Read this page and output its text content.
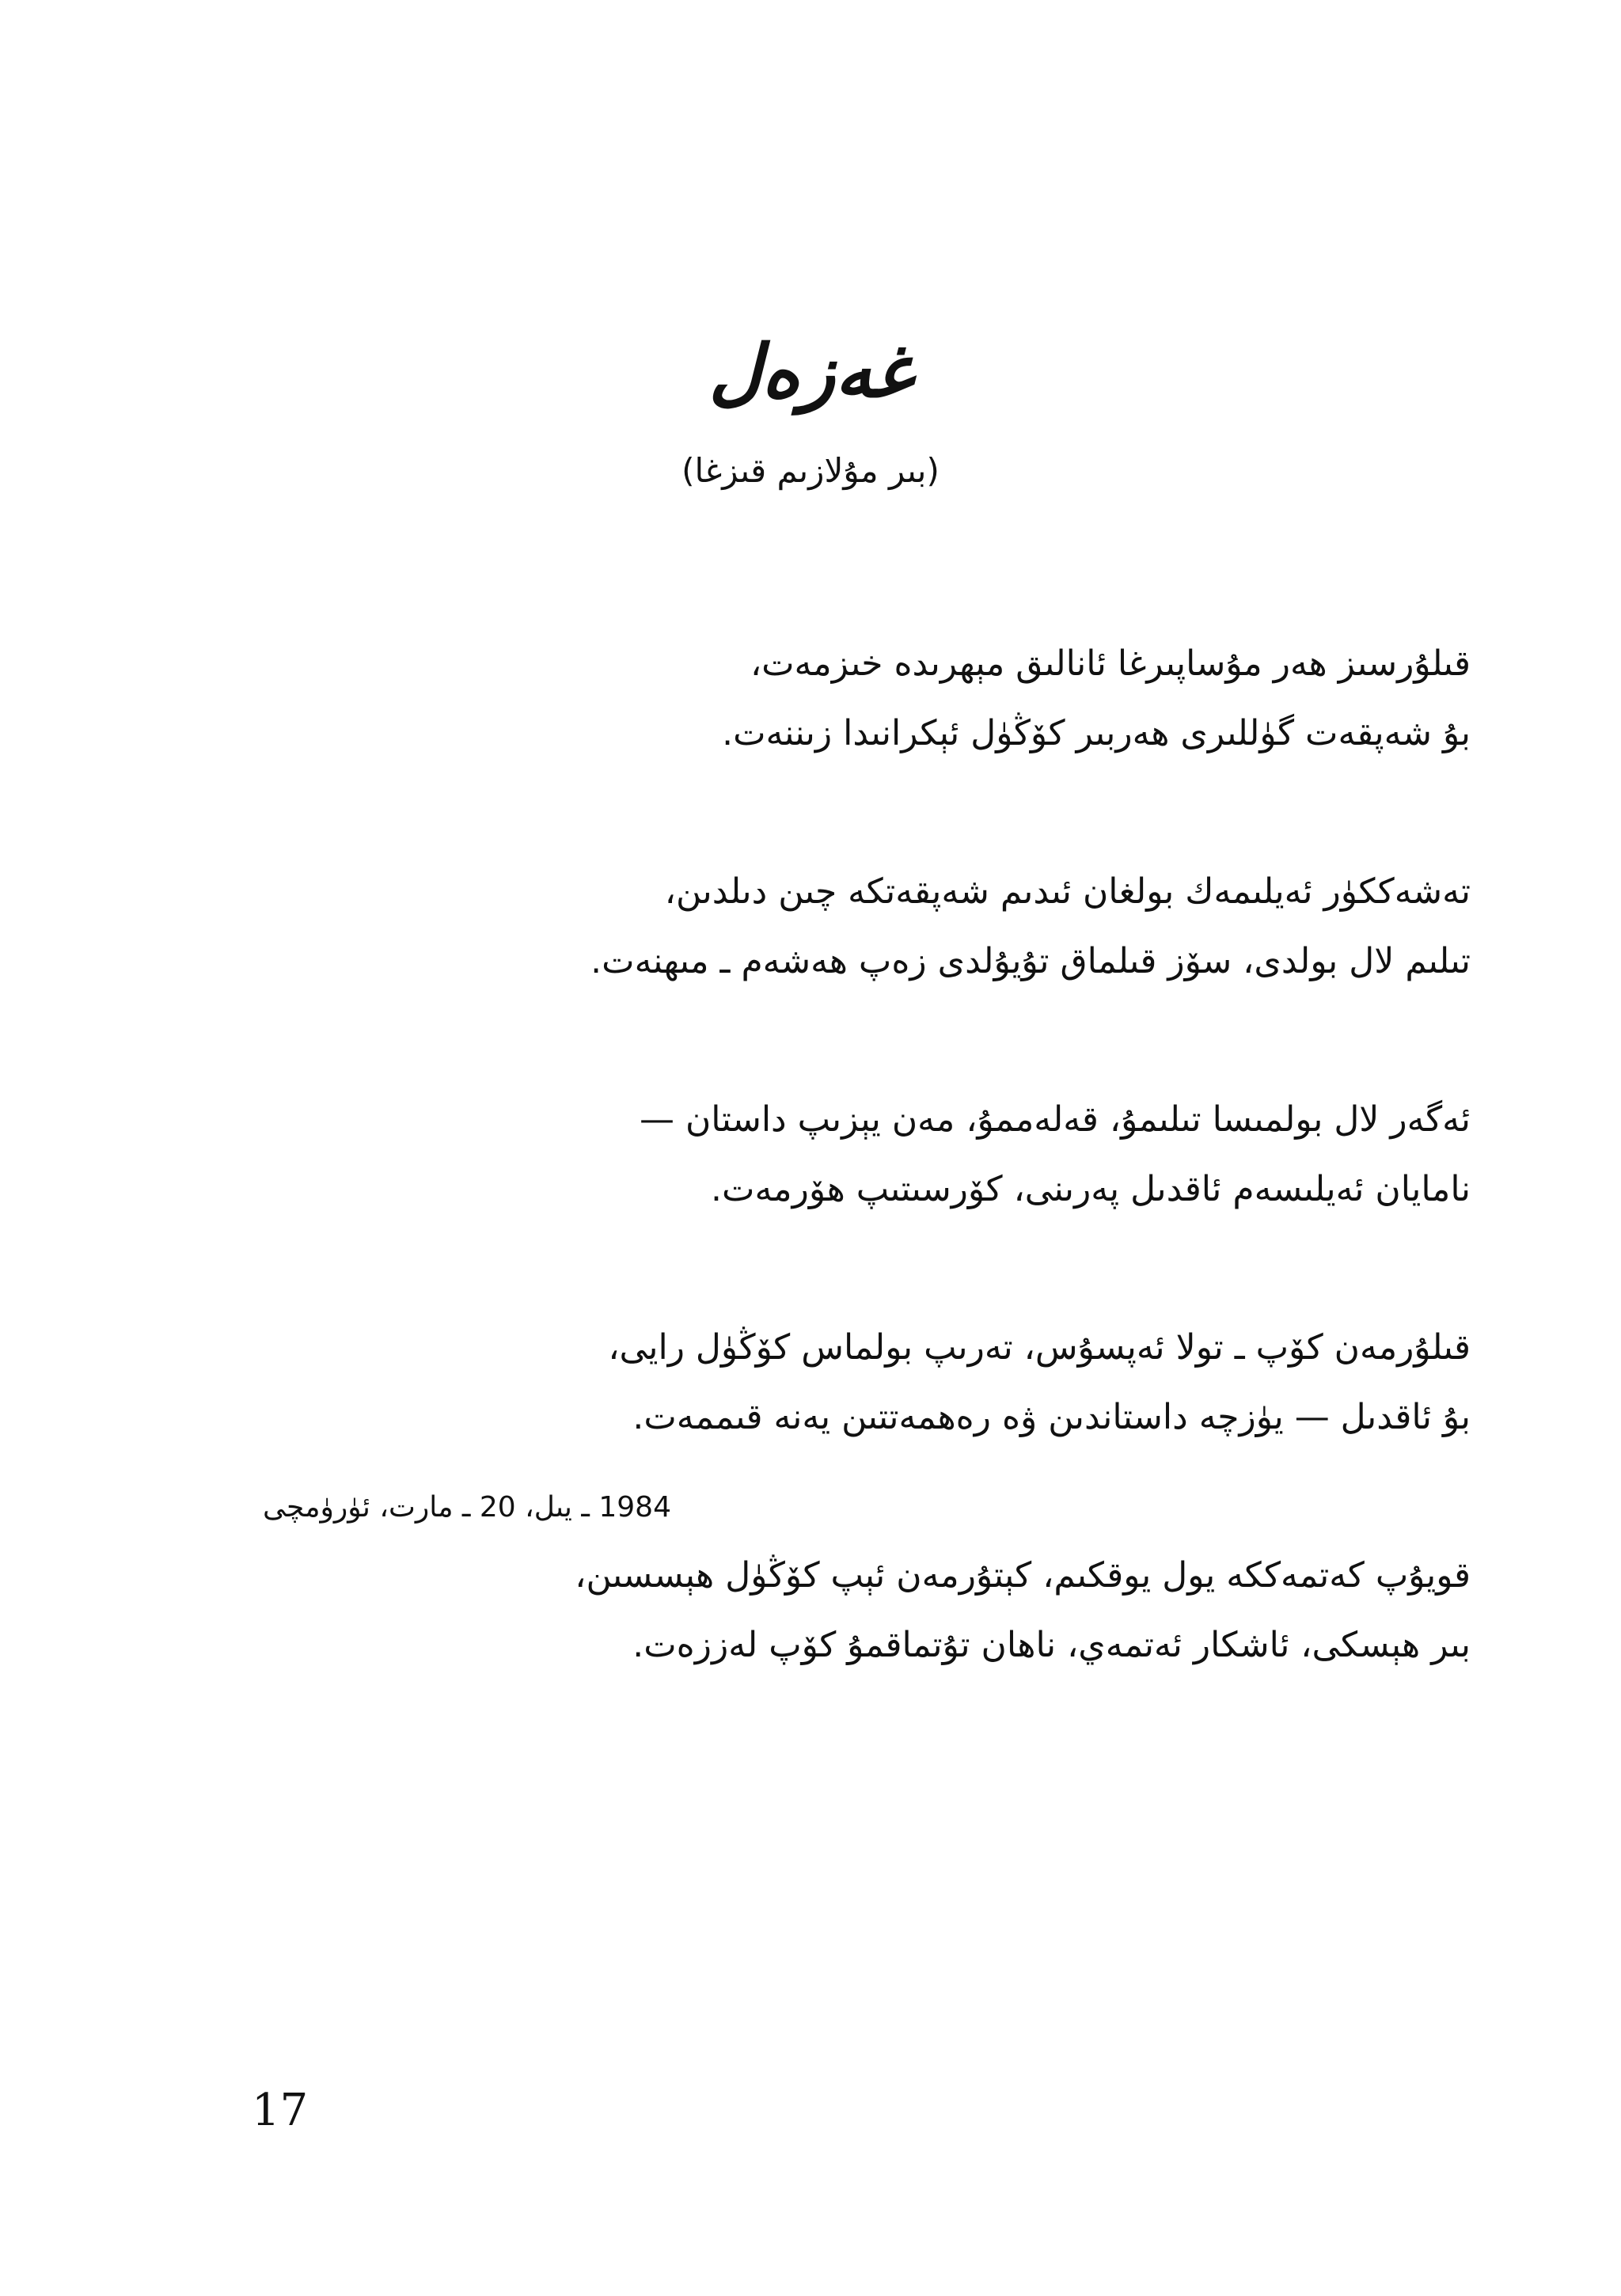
غەزەل
(بىر مۇلازىم قىزغا)
قىلۇرسىز ھەر مۇساپىرغا ئانالىق مېھرىدە خىزمەت،
بۇ شەپقەت گۈللىرى ھەربىر كۆڭۈل ئېكرانىدا زىننەت.
تەشەككۈر ئەيلىمەك بولغان ئىدىم شەپقەتكە چىن دىلدىن،
تىلىم لال بولدى، سۆز قىلماق تۇيۇلدى زەپ ھەشەم ـ مىھنەت.
ئەگەر لال بولمىسا تىلىمۇ، قەلەممۇ، مەن يېزىپ داستان —
نامايان ئەيلىسەم ئاقدىل پەرىنى، كۆرسىتىپ ھۆرمەت.
قىلۇرمەن كۆپ ـ تولا ئەپسۇس، تەرىپ بولماس كۆڭۈل رايى،
بۇ ئاقدىل — يۈزچە داستاندىن ۋە رەھمەتتىن يەنە قىممەت.
قويۇپ كەتمەككە يول يوقكىم، كېتۇرمەن ئېپ كۆڭۈل ھېسسىن،
بىر ھېسكى، ئاشكار ئەتمەي، ناھان تۇتماقمۇ كۆپ لەززەت.
1984 ـ يىل، 20 ـ مارت، ئۈرۈمچى
17
